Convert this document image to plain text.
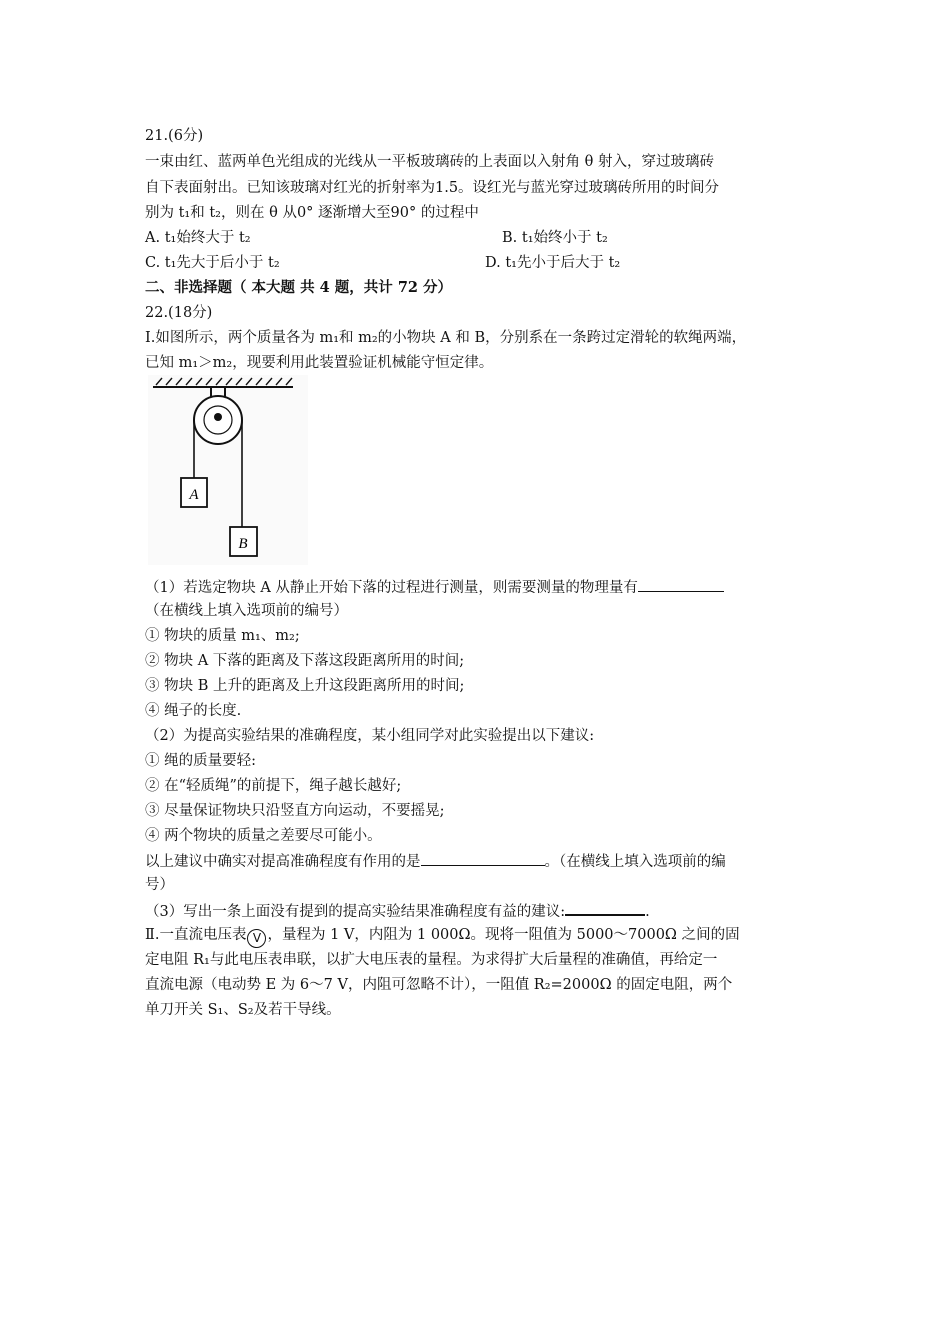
21.(6分)
一束由红、蓝两单色光组成的光线从一平板玻璃砖的上表面以入射角 θ 射入，穿过玻璃砖
自下表面射出。已知该玻璃对红光的折射率为1.5。设红光与蓝光穿过玻璃砖所用的时间分
别为 t₁和 t₂，则在 θ 从0° 逐渐增大至90° 的过程中
A. t₁始终大于 t₂	B. t₁始终小于 t₂
C. t₁先大于后小于 t₂	D. t₁先小于后大于 t₂
二、非选择题（ 本大题 共 4 题，共计 72 分）
22.(18分)
Ⅰ.如图所示，两个质量各为 m₁和 m₂的小物块 A 和 B，分别系在一条跨过定滑轮的软绳两端，
已知 m₁＞m₂，现要利用此装置验证机械能守恒定律。
A
B
（1）若选定物块 A 从静止开始下落的过程进行测量，则需要测量的物理量有
（在横线上填入选项前的编号）
① 物块的质量 m₁、m₂;
② 物块 A 下落的距离及下落这段距离所用的时间;
③ 物块 B 上升的距离及上升这段距离所用的时间;
④ 绳子的长度.
（2）为提高实验结果的准确程度，某小组同学对此实验提出以下建议:
① 绳的质量要轻:
② 在“轻质绳”的前提下，绳子越长越好;
③ 尽量保证物块只沿竖直方向运动，不要摇晃;
④ 两个物块的质量之差要尽可能小。
以上建议中确实对提高准确程度有作用的是	。（在横线上填入选项前的编
号）
（3）写出一条上面没有提到的提高实验结果准确程度有益的建议:	.
Ⅱ.一直流电压表 V ，量程为 1 V，内阻为 1 000Ω。现将一阻值为 5000～7000Ω 之间的固
定电阻 R₁与此电压表串联，以扩大电压表的量程。为求得扩大后量程的准确值，再给定一
直流电源（电动势 E 为 6～7 V，内阻可忽略不计），一阻值 R₂=2000Ω 的固定电阻，两个
单刀开关 S₁、S₂及若干导线。
